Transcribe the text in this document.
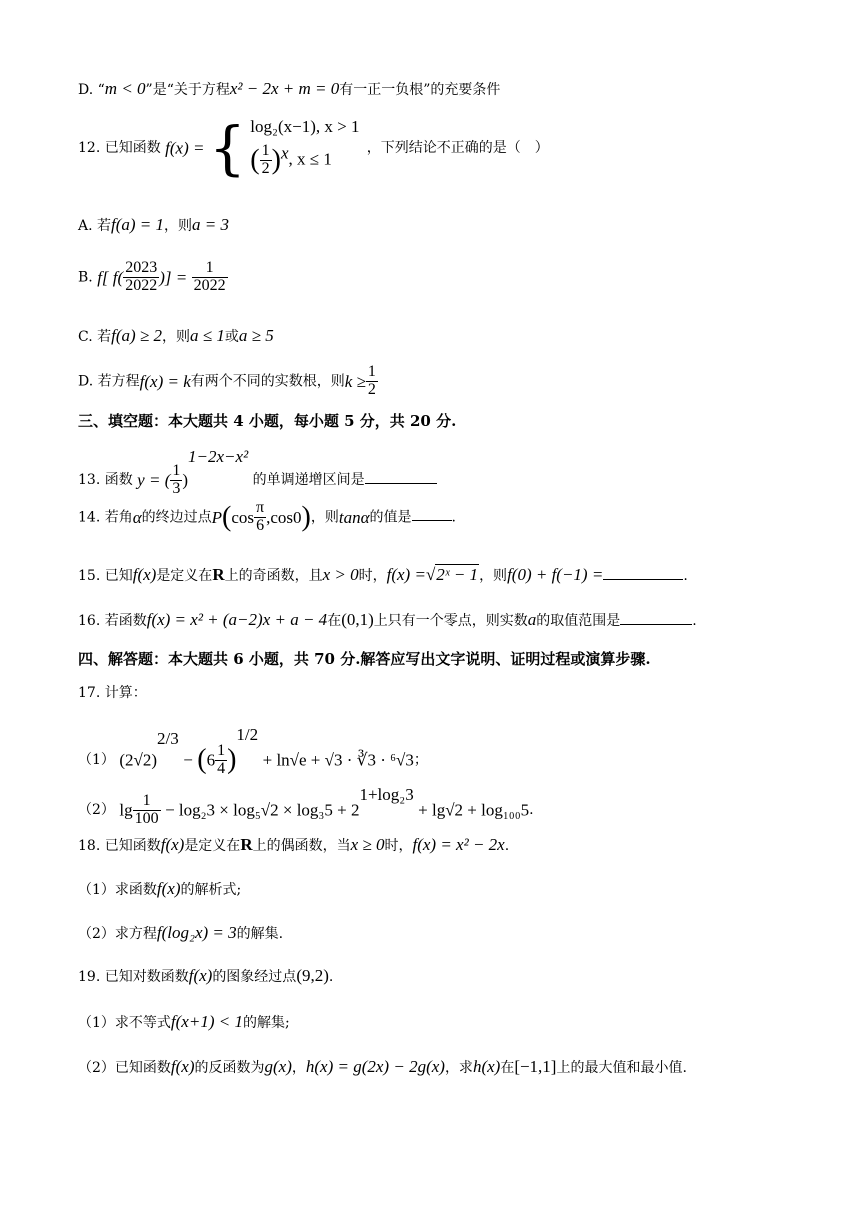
D. “m < 0”是“关于方程x² − 2x + m = 0有一正一负根”的充要条件
12. 已知函数 f(x) = { log₂(x−1), x > 1
( $\frac{1}{2} )^x$, x ≤ 1
，下列结论不正确的是（　）
A. 若f(a) = 1，则a = 3
B. f[ $f( \frac{2023}{2022}$ )] = $\frac{1}{2022}$
C. 若f(a) ≥ 2，则a ≤ 1或a ≥ 5
D. 若方程f(x) = k有两个不同的实数根，则$k \ge \frac{1}{2}$
三、填空题：本大题共 4 小题，每小题 5 分，共 20 分.
13. 函数 y = ( $\frac{1}{3} )^{1-2x-x^2}$ 的单调递增区间是
14. 若角α的终边过点$P(\cos \frac{\pi}{6} ,\cos 0)$，则tanα的值是	.
15. 已知f(x)是定义在R上的奇函数，且x > 0时，f(x) =√2ˣ − 1，则f(0) + f(−1) =	.
16. 若函数f(x) = x² + (a−2)x + a − 4在(0,1)上只有一个零点，则实数a的取值范围是	.
四、解答题：本大题共 6 小题，共 70 分.解答应写出文字说明、证明过程或演算步骤.
17. 计算：
（1） $(2√2)^{2/3} - (6 \frac{1}{4} )^{1/2} + \ln√e + √3$ · ∛3 · ⁶√3；
（2） $\lg \frac{1}{100} - \log_23 \times \log_5√2 \times \log_35 + 2^{1+log_23} + \lg√2 + \log_{100}5$.
18. 已知函数f(x)是定义在R上的偶函数，当x ≥ 0时，f(x) = x² − 2x.
（1）求函数f(x)的解析式;
（2）求方程f(log₂x) = 3的解集.
19. 已知对数函数f(x)的图象经过点(9,2).
（1）求不等式f(x+1) < 1的解集;
（2）已知函数f(x)的反函数为g(x)，h(x) = g(2x) − 2g(x)，求h(x)在[−1,1]上的最大值和最小值.
